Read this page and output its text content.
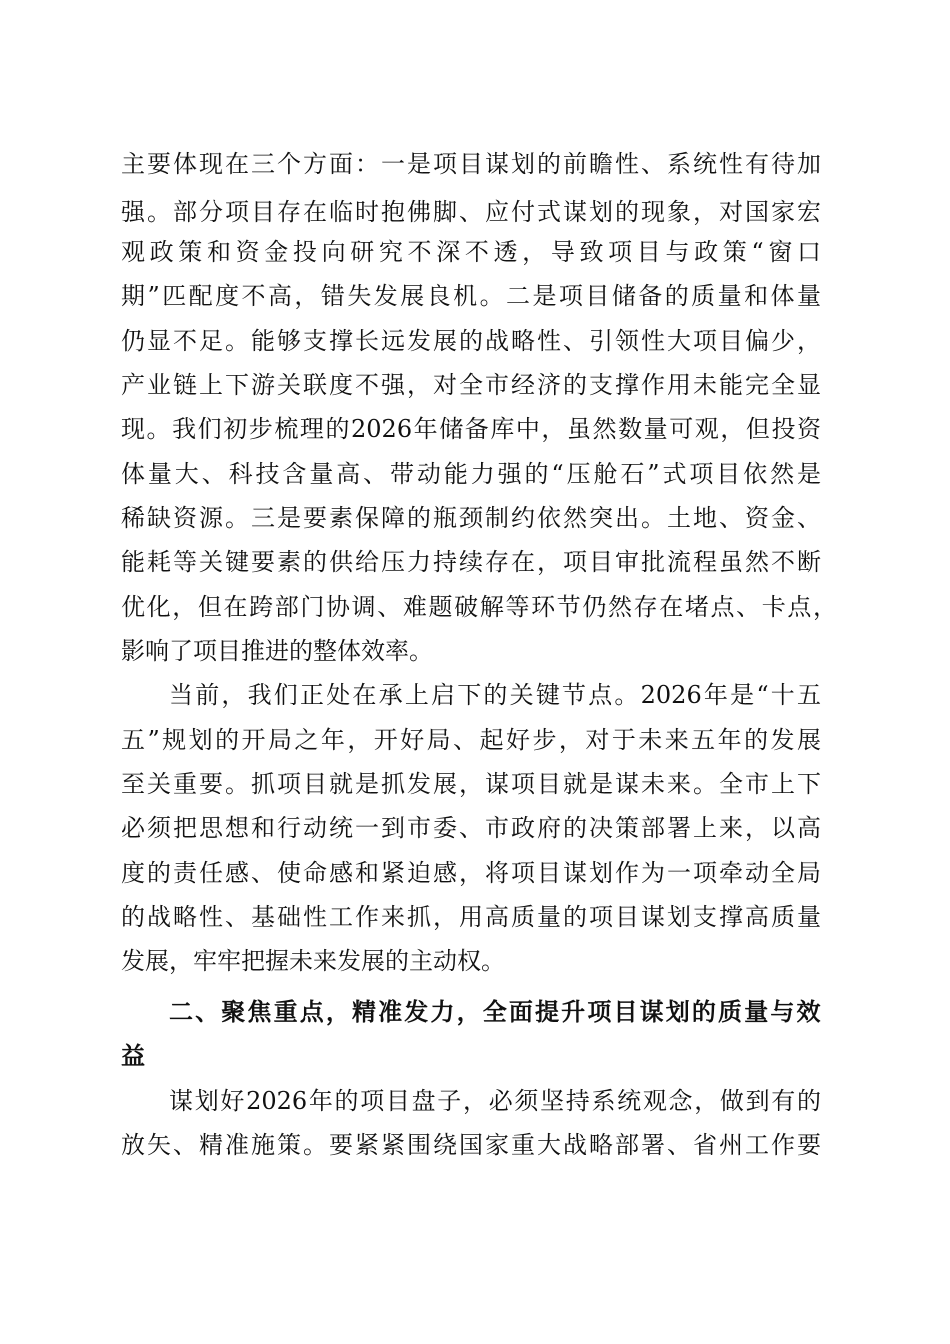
主要体现在三个方面：一是项目谋划的前瞻性、系统性有待加
强。部分项目存在临时抱佛脚、应付式谋划的现象，对国家宏
观政策和资金投向研究不深不透，导致项目与政策“窗口
期”匹配度不高，错失发展良机。二是项目储备的质量和体量
仍显不足。能够支撑长远发展的战略性、引领性大项目偏少，
产业链上下游关联度不强，对全市经济的支撑作用未能完全显
现。我们初步梳理的2026年储备库中，虽然数量可观，但投资
体量大、科技含量高、带动能力强的“压舱石”式项目依然是
稀缺资源。三是要素保障的瓶颈制约依然突出。土地、资金、
能耗等关键要素的供给压力持续存在，项目审批流程虽然不断
优化，但在跨部门协调、难题破解等环节仍然存在堵点、卡点，
影响了项目推进的整体效率。
当前，我们正处在承上启下的关键节点。2026年是“十五
五”规划的开局之年，开好局、起好步，对于未来五年的发展
至关重要。抓项目就是抓发展，谋项目就是谋未来。全市上下
必须把思想和行动统一到市委、市政府的决策部署上来，以高
度的责任感、使命感和紧迫感，将项目谋划作为一项牵动全局
的战略性、基础性工作来抓，用高质量的项目谋划支撑高质量
发展，牢牢把握未来发展的主动权。
二、聚焦重点，精准发力，全面提升项目谋划的质量与效
益
谋划好2026年的项目盘子，必须坚持系统观念，做到有的
放矢、精准施策。要紧紧围绕国家重大战略部署、省州工作要
